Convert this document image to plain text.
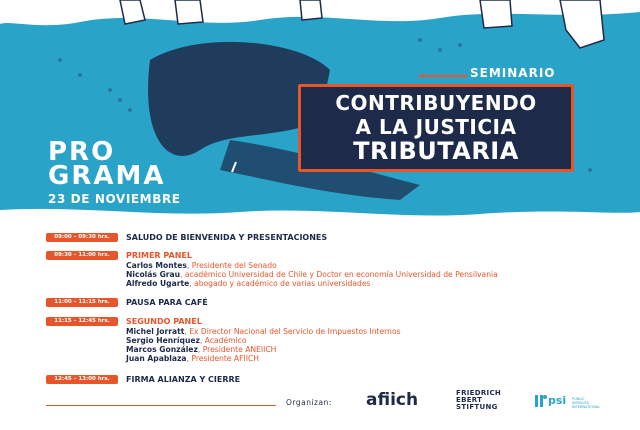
SEMINARIO
CONTRIBUYENDO
A LA JUSTICIA
TRIBUTARIA
PRO
GRAMA
23 DE NOVIEMBRE
09:00 – 09:30 hrs.	SALUDO DE BIENVENIDA Y PRESENTACIONES
09:30 – 11:00 hrs.	PRIMER PANEL
Carlos Montes, Presidente del Senado
Nicolás Grau, académico Universidad de Chile y Doctor en economía Universidad de Pensilvania
Alfredo Ugarte, abogado y académico de varias universidades
11:00 – 11:15 hrs.	PAUSA PARA CAFÉ
11:15 – 12:45 hrs.	SEGUNDO PANEL
Michel Jorratt, Ex Director Nacional del Servicio de Impuestos Internos
Sergio Henríquez, Académico
Marcos González, Presidente ANEIICH
Juan Apablaza, Presidente AFIICH
12:45 – 13:00 hrs.	FIRMA ALIANZA Y CIERRE
Organizan: afiich	FRIEDRICH
EBERT
STIFTUNG	psi PUBLIC
SERVICES
INTERNATIONAL
